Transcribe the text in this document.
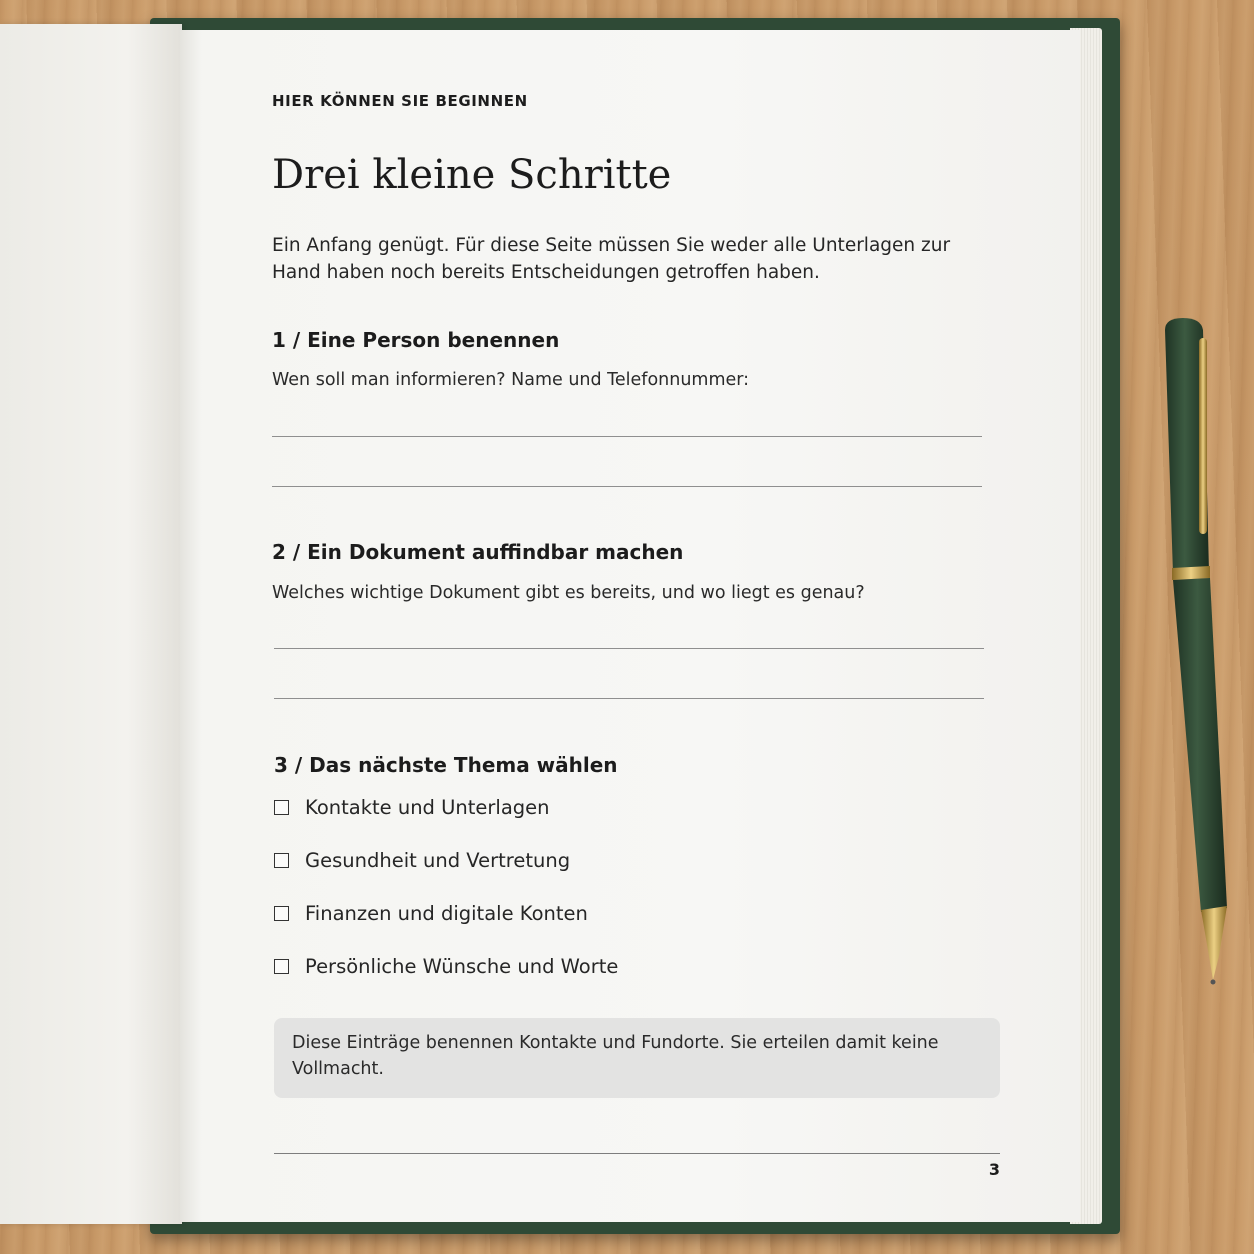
HIER KÖNNEN SIE BEGINNEN
Drei kleine Schritte
Ein Anfang genügt. Für diese Seite müssen Sie weder alle Unterlagen zur Hand haben noch bereits Entscheidungen getroffen haben.
1 / Eine Person benennen
Wen soll man informieren? Name und Telefonnummer:
2 / Ein Dokument auffindbar machen
Welches wichtige Dokument gibt es bereits, und wo liegt es genau?
3 / Das nächste Thema wählen
Kontakte und Unterlagen
Gesundheit und Vertretung
Finanzen und digitale Konten
Persönliche Wünsche und Worte
Diese Einträge benennen Kontakte und Fundorte. Sie erteilen damit keine Vollmacht.
3
